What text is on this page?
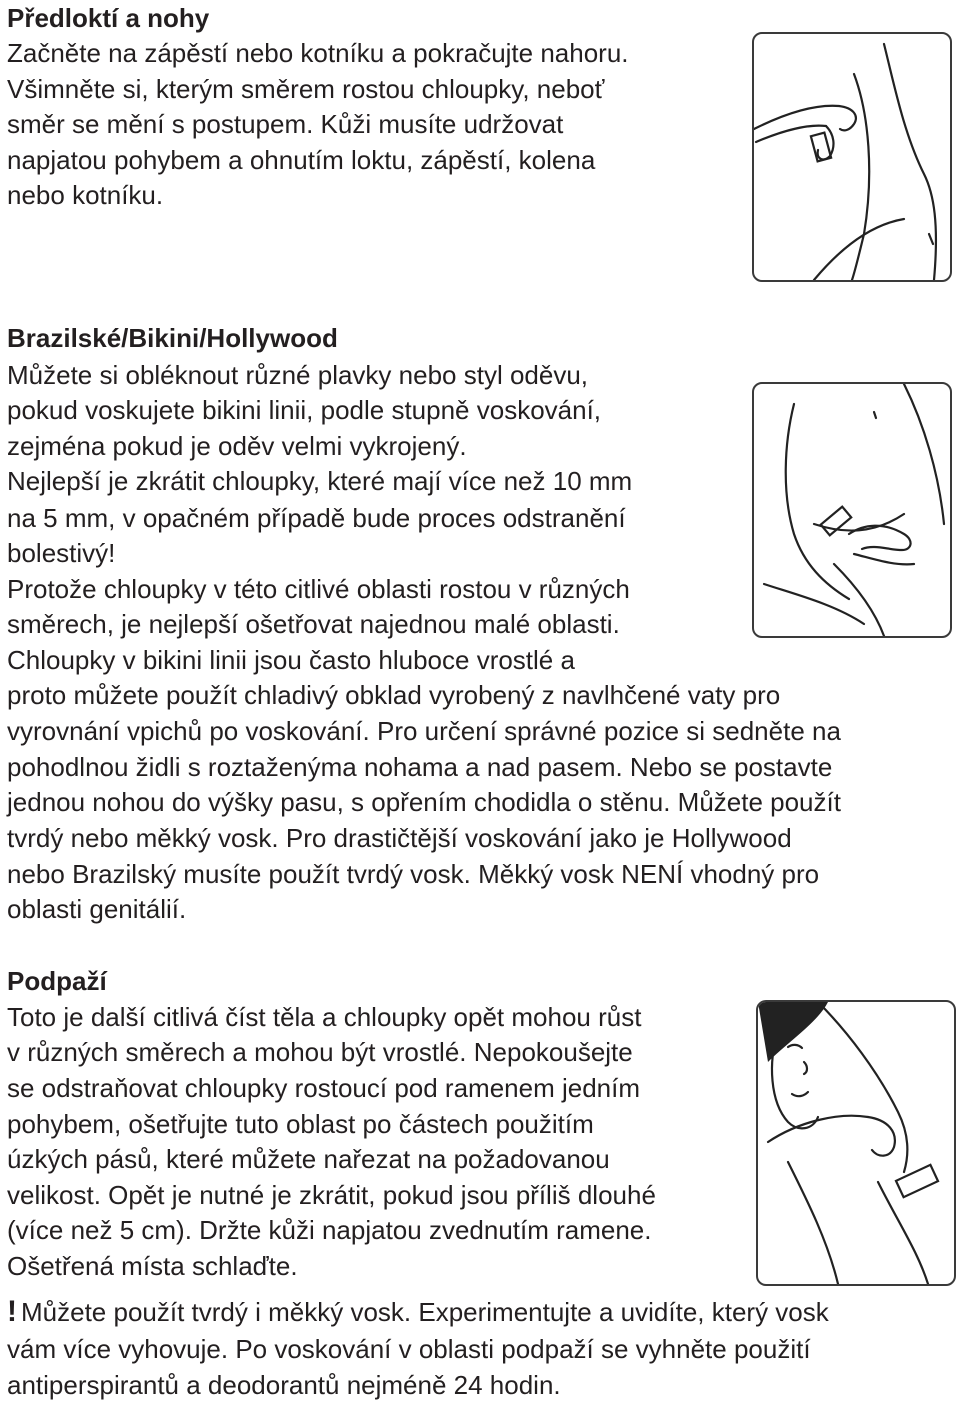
Předloktí a nohy
Začněte na zápěstí nebo kotníku a pokračujte nahoru.
Všimněte si, kterým směrem rostou chloupky, neboť
směr se mění s postupem. Kůži musíte udržovat
napjatou pohybem a ohnutím loktu, zápěstí, kolena
nebo kotníku.
Brazilské/Bikini/Hollywood
Můžete si obléknout různé plavky nebo styl oděvu,
pokud voskujete bikini linii, podle stupně voskování,
zejména pokud je oděv velmi vykrojený.
Nejlepší je zkrátit chloupky, které mají více než 10 mm
na 5 mm, v opačném případě bude proces odstranění
bolestivý!
Protože chloupky v této citlivé oblasti rostou v různých
směrech, je nejlepší ošetřovat najednou malé oblasti.
Chloupky v bikini linii jsou často hluboce vrostlé a
proto můžete použít chladivý obklad vyrobený z navlhčené vaty pro
vyrovnání vpichů po voskování. Pro určení správné pozice si sedněte na
pohodlnou židli s roztaženýma nohama a nad pasem. Nebo se postavte
jednou nohou do výšky pasu, s opřením chodidla o stěnu. Můžete použít
tvrdý nebo měkký vosk. Pro drastičtější voskování jako je Hollywood
nebo Brazilský musíte použít tvrdý vosk. Měkký vosk NENÍ vhodný pro
oblasti genitálií.
Podpaží
Toto je další citlivá číst těla a chloupky opět mohou růst
v různých směrech a mohou být vrostlé. Nepokoušejte
se odstraňovat chloupky rostoucí pod ramenem jedním
pohybem, ošetřujte tuto oblast po částech použitím
úzkých pásů, které můžete nařezat na požadovanou
velikost. Opět je nutné je zkrátit, pokud jsou příliš dlouhé
(více než 5 cm). Držte kůži napjatou zvednutím ramene.
Ošetřená místa schlaďte.
! Můžete použít tvrdý i měkký vosk. Experimentujte a uvidíte, který vosk
vám více vyhovuje. Po voskování v oblasti podpaží se vyhněte použití
antiperspirantů a deodorantů nejméně 24 hodin.
